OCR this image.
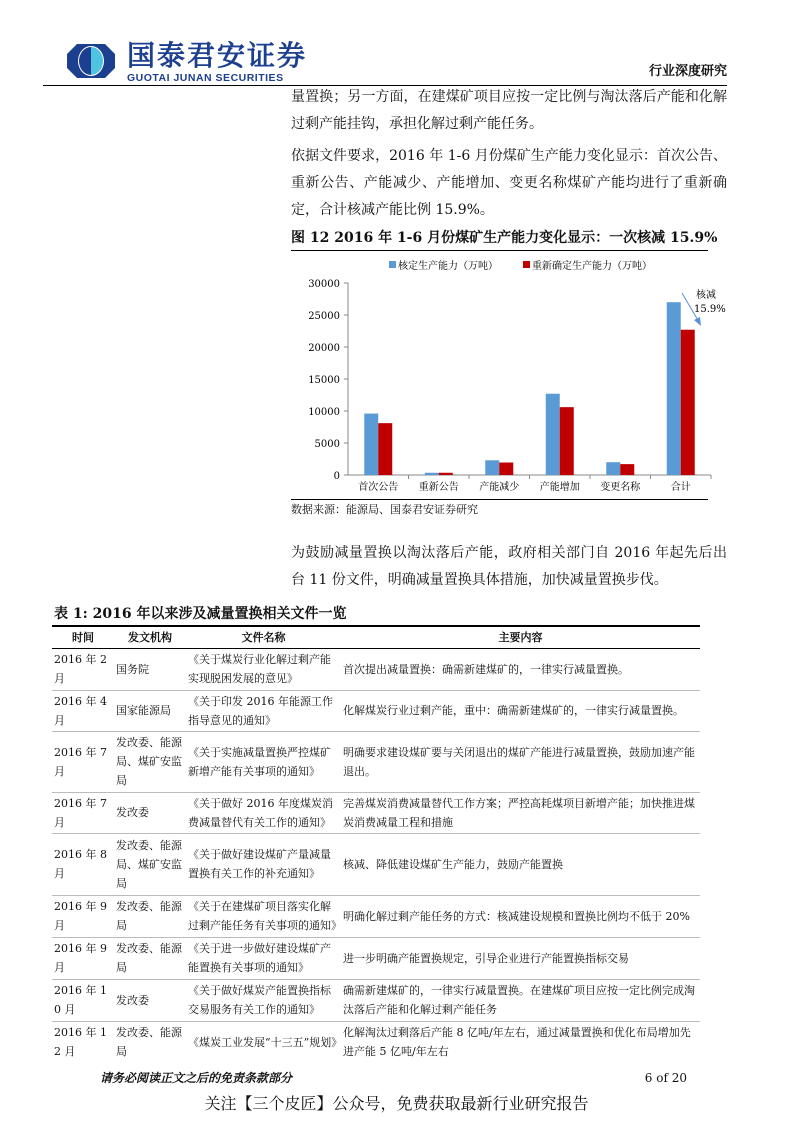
国泰君安证券
GUOTAI JUNAN SECURITIES	行业深度研究
量置换；另一方面，在建煤矿项目应按一定比例与淘汰落后产能和化解过剩产能挂钩，承担化解过剩产能任务。
依据文件要求，2016 年 1-6 月份煤矿生产能力变化显示：首次公告、重新公告、产能减少、产能增加、变更名称煤矿产能均进行了重新确定，合计核减产能比例 15.9%。
图 12 2016 年 1-6 月份煤矿生产能力变化显示：一次核减 15.9%
核定生产能力（万吨）	重新确定生产能力（万吨）
核减
15.9%
0
5000
10000
15000
20000
25000
30000
首次公告 重新公告 产能减少 产能增加 变更名称	合计
数据来源：能源局、国泰君安证券研究
为鼓励减量置换以淘汰落后产能，政府相关部门自 2016 年起先后出台 11 份文件，明确减量置换具体措施，加快减量置换步伐。
表 1: 2016 年以来涉及减量置换相关文件一览
时间	发文机构	文件名称	主要内容
2016 年 2 月	国务院	《关于煤炭行业化解过剩产能实现脱困发展的意见》	首次提出减量置换：确需新建煤矿的，一律实行减量置换。
2016 年 4 月	国家能源局	《关于印发 2016 年能源工作指导意见的通知》	化解煤炭行业过剩产能，重中：确需新建煤矿的，一律实行减量置换。
2016 年 7 月	发改委、能源局、煤矿安监局	《关于实施减量置换严控煤矿新增产能有关事项的通知》	明确要求建设煤矿要与关闭退出的煤矿产能进行减量置换，鼓励加速产能退出。
2016 年 7 月	发改委	《关于做好 2016 年度煤炭消费减量替代有关工作的通知》	完善煤炭消费减量替代工作方案；严控高耗煤项目新增产能；加快推进煤炭消费减量工程和措施
2016 年 8 月	发改委、能源局、煤矿安监局	《关于做好建设煤矿产量减量置换有关工作的补充通知》	核减、降低建设煤矿生产能力，鼓励产能置换
2016 年 9 月	发改委、能源局	《关于在建煤矿项目落实化解过剩产能任务有关事项的通知》	明确化解过剩产能任务的方式：核减建设规模和置换比例均不低于 20%
2016 年 9 月	发改委、能源局	《关于进一步做好建设煤矿产能置换有关事项的通知》	进一步明确产能置换规定，引导企业进行产能置换指标交易
2016 年 10 月	发改委	《关于做好煤炭产能置换指标交易服务有关工作的通知》	确需新建煤矿的，一律实行减量置换。在建煤矿项目应按一定比例完成淘汰落后产能和化解过剩产能任务
2016 年 12 月	发改委、能源局	《煤炭工业发展“十三五”规划》	化解淘汰过剩落后产能 8 亿吨/年左右，通过减量置换和优化布局增加先进产能 5 亿吨/年左右
请务必阅读正文之后的免责条款部分	6 of 20
关注【三个皮匠】公众号，免费获取最新行业研究报告
